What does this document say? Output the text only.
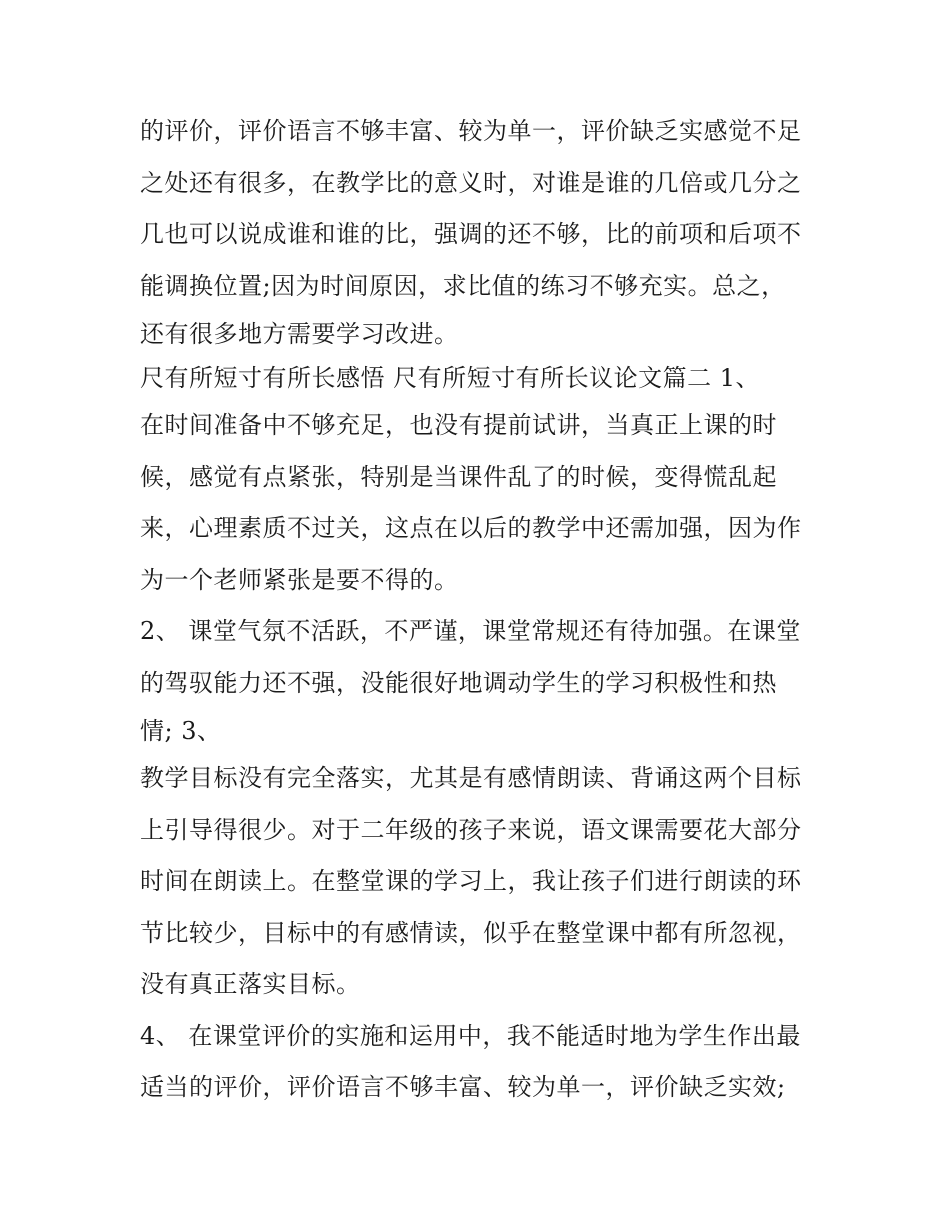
的评价，评价语言不够丰富、较为单一，评价缺乏实感觉不足
之处还有很多，在教学比的意义时，对谁是谁的几倍或几分之
几也可以说成谁和谁的比，强调的还不够，比的前项和后项不
能调换位置;因为时间原因，求比值的练习不够充实。总之，
还有很多地方需要学习改进。
尺有所短寸有所长感悟 尺有所短寸有所长议论文篇二 1、
在时间准备中不够充足，也没有提前试讲，当真正上课的时
候，感觉有点紧张，特别是当课件乱了的时候，变得慌乱起
来，心理素质不过关，这点在以后的教学中还需加强，因为作
为一个老师紧张是要不得的。
2、 课堂气氛不活跃，不严谨，课堂常规还有待加强。在课堂
的驾驭能力还不强，没能很好地调动学生的学习积极性和热
情; 3、
教学目标没有完全落实，尤其是有感情朗读、背诵这两个目标
上引导得很少。对于二年级的孩子来说，语文课需要花大部分
时间在朗读上。在整堂课的学习上，我让孩子们进行朗读的环
节比较少，目标中的有感情读，似乎在整堂课中都有所忽视，
没有真正落实目标。
4、 在课堂评价的实施和运用中，我不能适时地为学生作出最
适当的评价，评价语言不够丰富、较为单一，评价缺乏实效;
